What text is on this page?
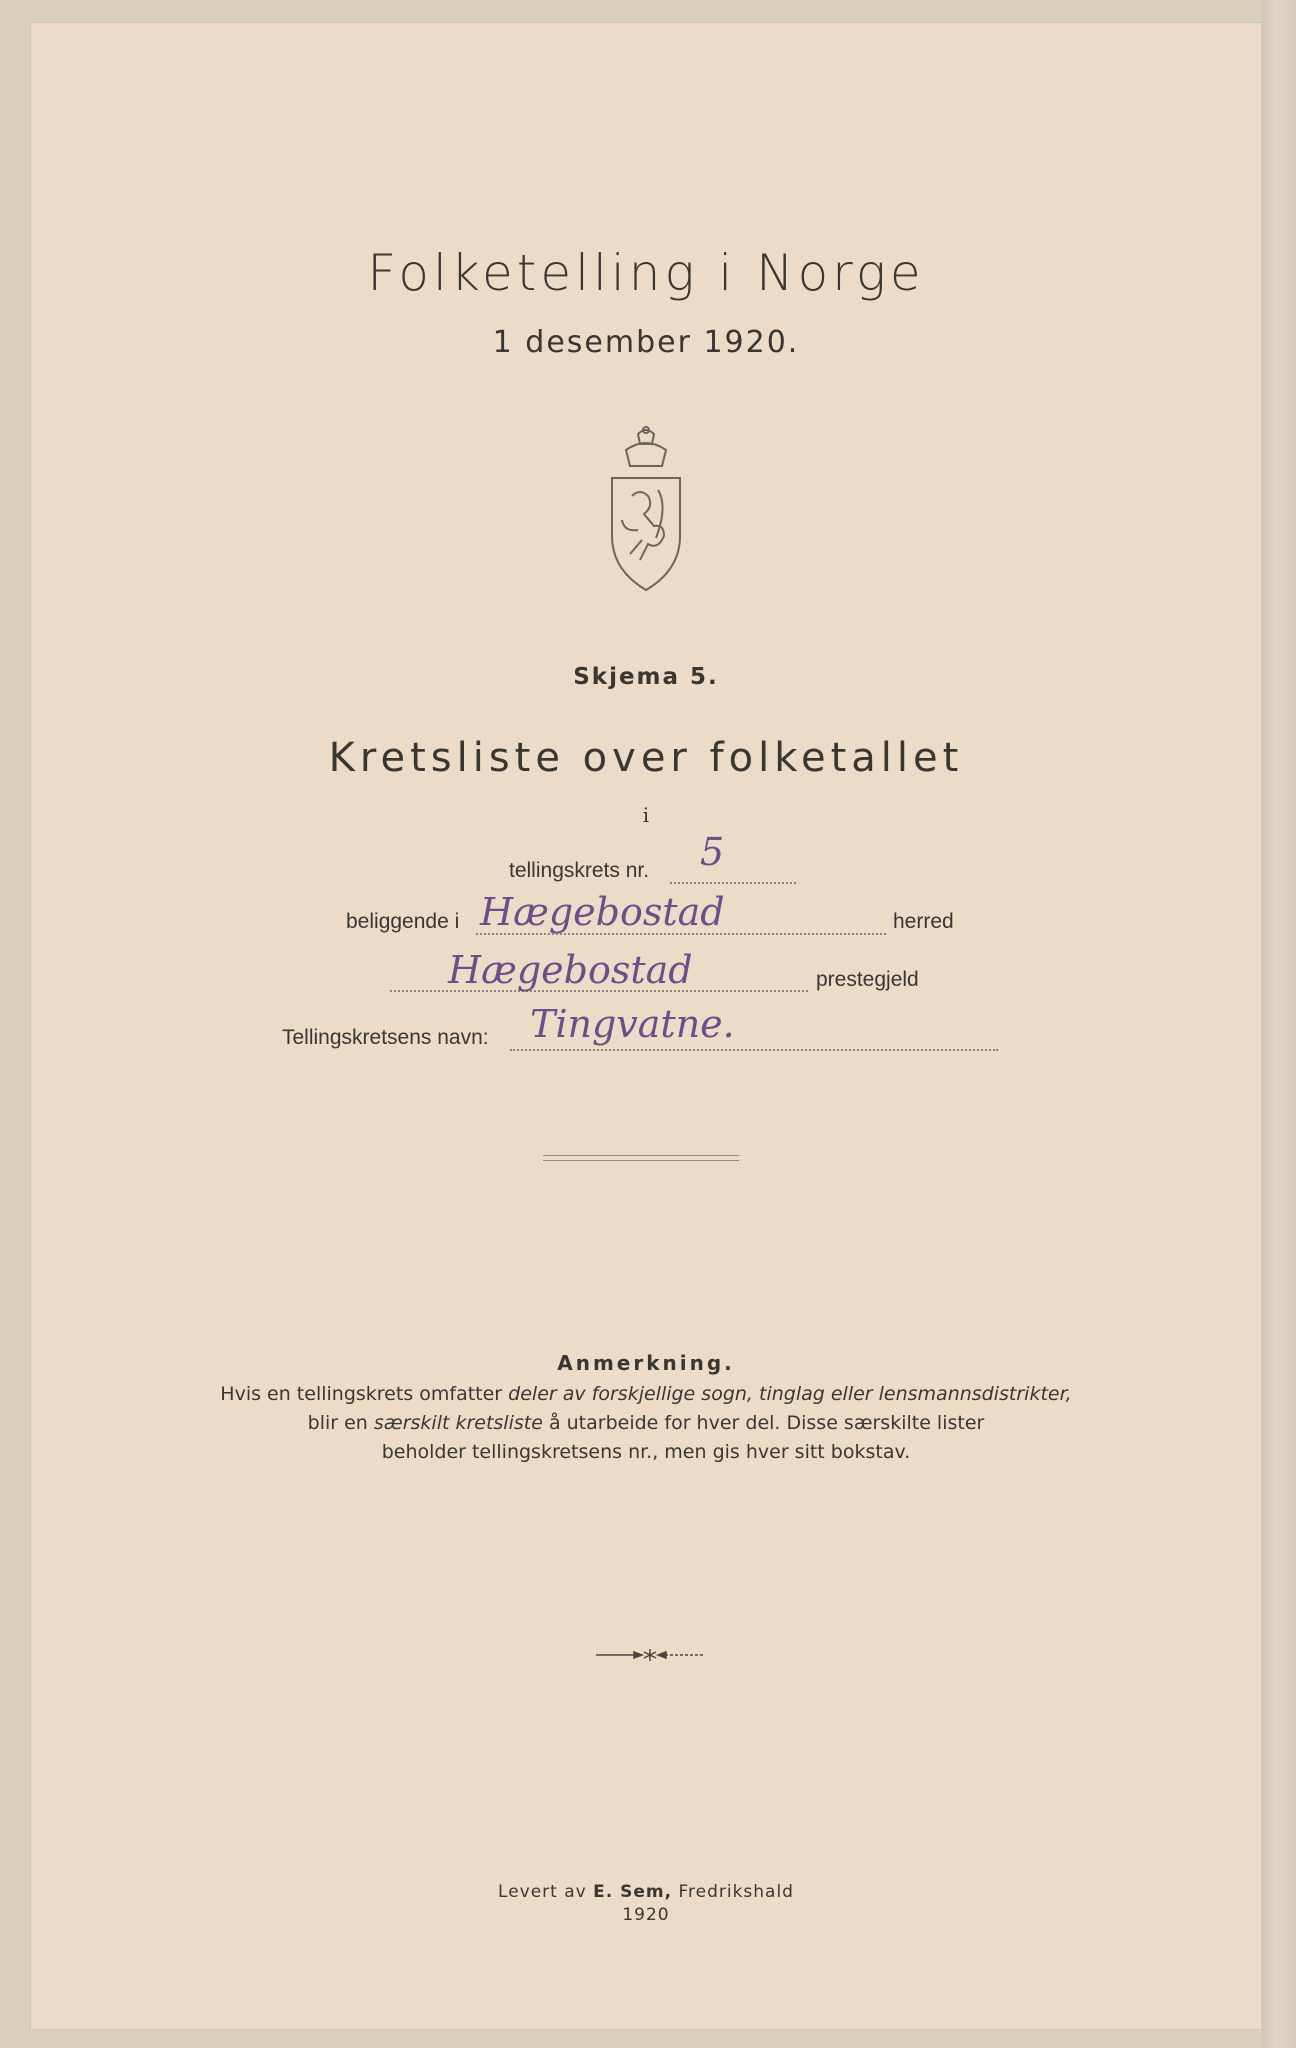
Folketelling i Norge
1 desember 1920.
Skjema 5.
Kretsliste over folketallet
i
tellingskrets nr. 5
beliggende i Hægebostad	herred
Hægebostad	prestegjeld
Tellingskretsens navn: Tingvatne.
Anmerkning.
Hvis en tellingskrets omfatter deler av forskjellige sogn, tinglag eller lensmannsdistrikter,
blir en særskilt kretsliste å utarbeide for hver del. Disse særskilte lister
beholder tellingskretsens nr., men gis hver sitt bokstav.
Levert av E. Sem, Fredrikshald
1920
